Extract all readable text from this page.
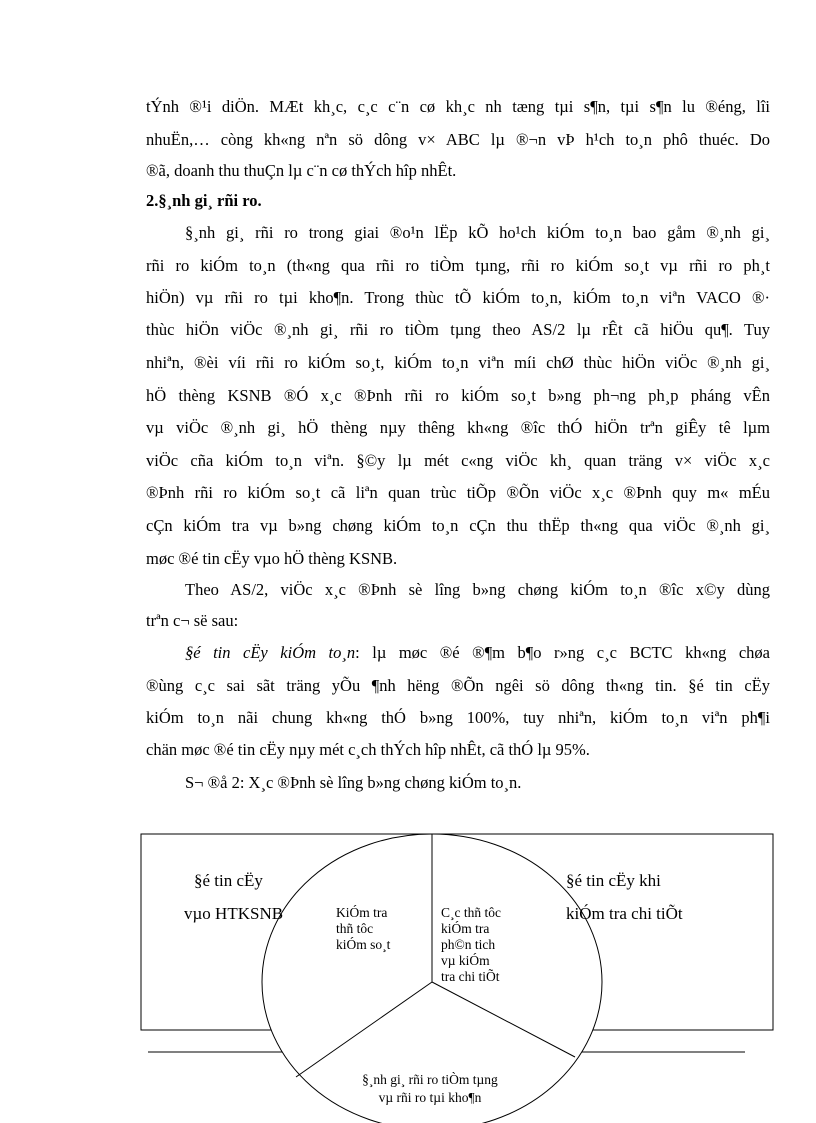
tÝnh ®¹i diÖn. MÆt kh¸c, c¸c c¨n cø kh¸c nh tæng tµi s¶n, tµi s¶n lu ®éng, lîi
nhuËn,… còng kh«ng nªn sö dông v× ABC lµ ®¬n vÞ h¹ch to¸n phô thuéc. Do
®ã, doanh thu thuÇn lµ c¨n cø thÝch hîp nhÊt.
2.§¸nh gi¸ rñi ro.
§¸nh gi¸ rñi ro trong giai ®o¹n lËp kÕ ho¹ch kiÓm to¸n bao gåm ®¸nh gi¸
rñi ro kiÓm to¸n (th«ng qua rñi ro tiÒm tµng, rñi ro kiÓm so¸t vµ rñi ro ph¸t
hiÖn) vµ rñi ro tµi kho¶n. Trong thùc tÕ kiÓm to¸n, kiÓm to¸n viªn VACO ®·
thùc hiÖn viÖc ®¸nh gi¸ rñi ro tiÒm tµng theo AS/2 lµ rÊt cã hiÖu qu¶. Tuy
nhiªn, ®èi víi rñi ro kiÓm so¸t, kiÓm to¸n viªn míi chØ thùc hiÖn viÖc ®¸nh gi¸
hÖ thèng KSNB ®Ó x¸c ®Þnh rñi ro kiÓm so¸t b»ng ph¬ng ph¸p pháng vÊn
vµ viÖc ®¸nh gi¸ hÖ thèng nµy thêng kh«ng ®îc thÓ hiÖn trªn giÊy tê lµm
viÖc cña kiÓm to¸n viªn. §©y lµ mét c«ng viÖc kh¸ quan träng v× viÖc x¸c
®Þnh rñi ro kiÓm so¸t cã liªn quan trùc tiÕp ®Õn viÖc x¸c ®Þnh quy m« mÉu
cÇn kiÓm tra vµ b»ng chøng kiÓm to¸n cÇn thu thËp th«ng qua viÖc ®¸nh gi¸
møc ®é tin cËy vµo hÖ thèng KSNB.
Theo AS/2, viÖc x¸c ®Þnh sè lîng b»ng chøng kiÓm to¸n ®îc x©y dùng
trªn c¬ së sau:
§é tin cËy kiÓm to¸n: lµ møc ®é ®¶m b¶o r»ng c¸c BCTC kh«ng chøa
®ùng c¸c sai sãt träng yÕu ¶nh hëng ®Õn ngêi sö dông th«ng tin. §é tin cËy
kiÓm to¸n nãi chung kh«ng thÓ b»ng 100%, tuy nhiªn, kiÓm to¸n viªn ph¶i
chän møc ®é tin cËy nµy mét c¸ch thÝch hîp nhÊt, cã thÓ lµ 95%.
S¬ ®å 2: X¸c ®Þnh sè lîng b»ng chøng kiÓm to¸n.
§é tin cËy
vµo HTKSNB
§é tin cËy khi
kiÓm tra chi tiÕt
KiÓm tra
thñ tôc
kiÓm so¸t
C¸c thñ tôc
kiÓm tra
ph©n tich
vµ kiÓm
tra chi tiÕt
§¸nh gi¸ rñi ro tiÒm tµng
vµ rñi ro tµi kho¶n
